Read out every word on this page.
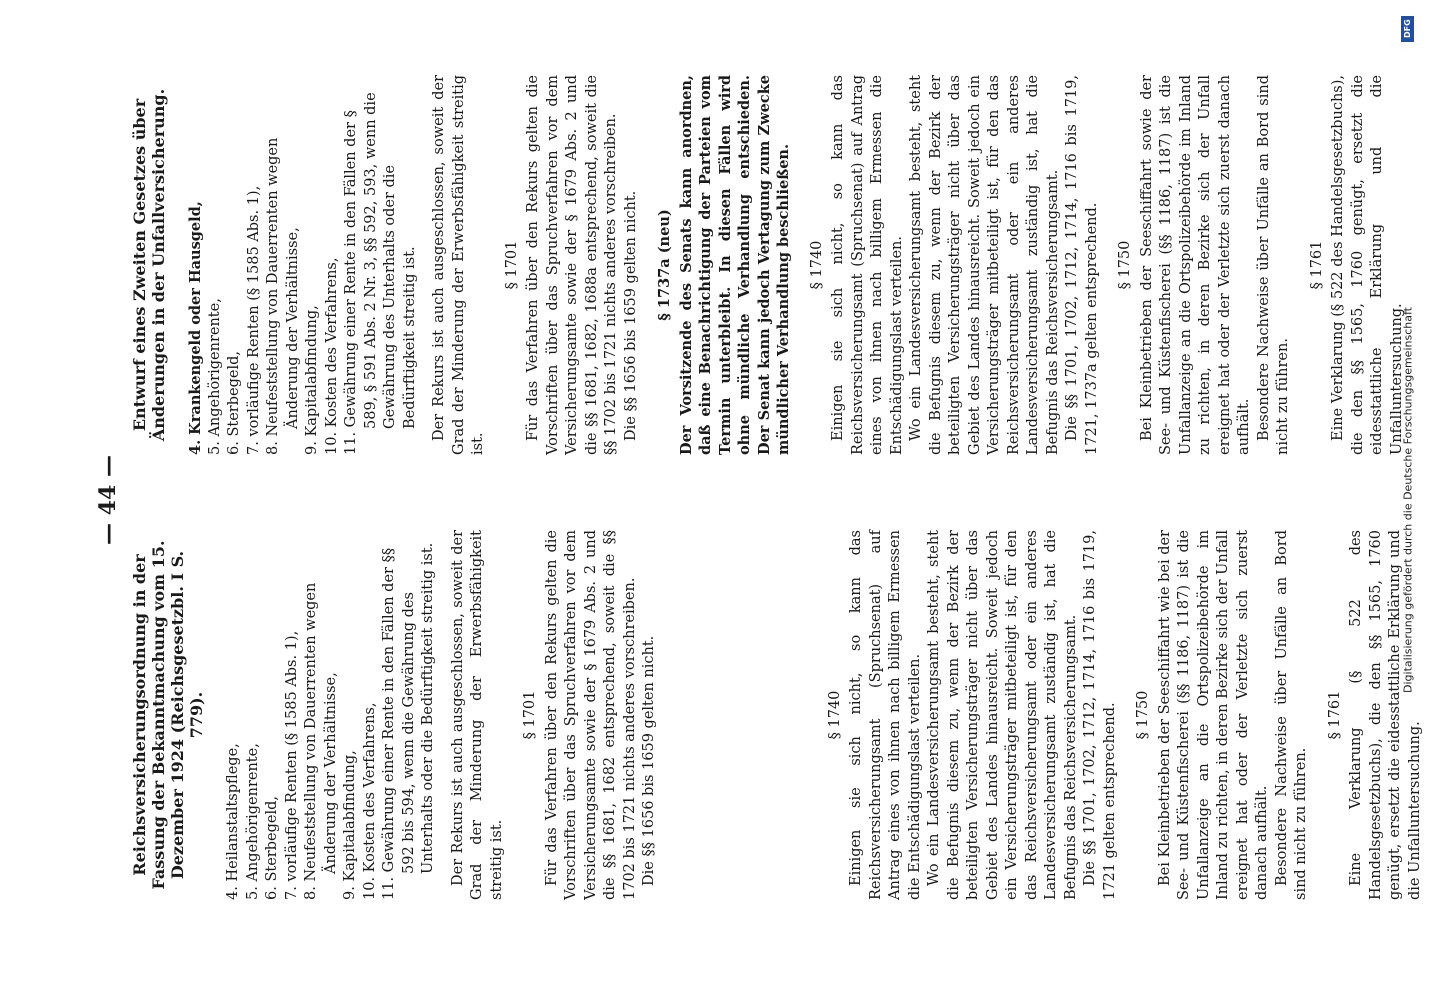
— 44 —
Reichsversicherungsordnung in der Fassung der Bekanntmachung vom 15. Dezember 1924 (Reichsgesetzbl. I S. 779).
4. Heilanstaltspflege, 5. Angehörigenrente, 6. Sterbegeld, 7. vorläufige Renten (§ 1585 Abs. 1), 8. Neufeststellung von Dauerrenten wegen Änderung der Verhältnisse, 9. Kapitalabfindung, 10. Kosten des Verfahrens, 11. Gewährung einer Rente in den Fällen der §§ 592 bis 594, wenn die Gewährung des Unterhalts oder die Bedürftigkeit streitig ist. Der Rekurs ist auch ausgeschlossen, soweit der Grad der Minderung der Erwerbsfähigkeit streitig ist.

§ 1701 Für das Verfahren über den Rekurs gelten die Vorschriften über das Spruchverfahren vor dem Versicherungsamte sowie der § 1679 Abs. 2 und die §§ 1681, 1682 entsprechend, soweit die §§ 1702 bis 1721 nichts anderes vorschreiben. Die §§ 1656 bis 1659 gelten nicht.	§ 1740 Einigen sie sich nicht, so kann das Reichsversicherungsamt (Spruchsenat) auf Antrag eines von ihnen nach billigem Ermessen die Entschädigungslast verteilen. Wo ein Landesversicherungsamt besteht, steht die Befugnis diesem zu, wenn der Bezirk der beteiligten Versicherungsträger nicht über das Gebiet des Landes hinausreicht. Soweit jedoch ein Versicherungsträger mitbeteiligt ist, für den das Reichsversicherungsamt oder ein anderes Landesversicherungsamt zuständig ist, hat die Befugnis das Reichsversicherungsamt. Die §§ 1701, 1702, 1712, 1714, 1716 bis 1719, 1721 gelten entsprechend. § 1750 Bei Kleinbetrieben der Seeschiffahrt wie bei der See- und Küstenfischerei (§§ 1186, 1187) ist die Unfallanzeige an die Ortspolizeibehörde im Inland zu richten, in deren Bezirke sich der Unfall ereignet hat oder der Verletzte sich zuerst danach aufhält. Besondere Nachweise über Unfälle an Bord sind nicht zu führen.

§ 1761 Eine Verklarung (§ 522 des Handelsgesetzbuchs), die den §§ 1565, 1760 genügt, ersetzt die eidesstattliche Erklärung und die Unfalluntersuchung.

Entwurf eines Zweiten Gesetzes über Änderungen in der Unfallversicherung. 4. Krankengeld oder Hausgeld, 5. Angehörigenrente, 6. Sterbegeld, 7. vorläufige Renten (§ 1585 Abs. 1), 8. Neufeststellung von Dauerrenten wegen Änderung der Verhältnisse, 9. Kapitalabfindung, 10. Kosten des Verfahrens, 11. Gewährung einer Rente in den Fällen der § 589, § 591 Abs. 2 Nr. 3, §§ 592, 593, wenn die Gewährung des Unterhalts oder die Bedürftigkeit streitig ist. Der Rekurs ist auch ausgeschlossen, soweit der Grad der Minderung der Erwerbsfähigkeit streitig ist.

§ 1701 Für das Verfahren über den Rekurs gelten die Vorschriften über das Spruchverfahren vor dem Versicherungsamte sowie der § 1679 Abs. 2 und die §§ 1681, 1682, 1688a entsprechend, soweit die §§ 1702 bis 1721 nichts anderes vorschreiben. Die §§ 1656 bis 1659 gelten nicht. § 1737a (neu) Der Vorsitzende des Senats kann anordnen, daß eine Benachrichtigung der Parteien vom Termin unterbleibt. In diesen Fällen wird ohne mündliche Verhandlung entschieden. Der Senat kann jedoch Vertagung zum Zwecke mündlicher Verhandlung beschließen. § 1740 Einigen sie sich nicht, so kann das Reichsversicherungsamt (Spruchsenat) auf Antrag eines von ihnen nach billigem Ermessen die Entschädigungslast verteilen. Wo ein Landesversicherungsamt besteht, steht die Befugnis diesem zu, wenn der Bezirk der beteiligten Versicherungsträger nicht über das Gebiet des Landes hinausreicht. Soweit jedoch ein Versicherungsträger mitbeteiligt ist, für den das Reichsversicherungsamt oder ein anderes Landesversicherungsamt zuständig ist, hat die Befugnis das Reichsversicherungsamt. Die §§ 1701, 1702, 1712, 1714, 1716 bis 1719, 1721, 1737a gelten entsprechend. § 1750 Bei Kleinbetrieben der Seeschiffahrt sowie der See- und Küstenfischerei (§§ 1186, 1187) ist die Unfallanzeige an die Ortspolizeibehörde im Inland zu richten, in deren Bezirke sich der Unfall ereignet hat oder der Verletzte sich zuerst danach aufhält. Besondere Nachweise über Unfälle an Bord sind nicht zu führen.

§ 1761 Eine Verklarung (§ 522 des Handelsgesetzbuchs), die den §§ 1565, 1760 genügt, ersetzt die eidesstattliche Erklärung und die Unfalluntersuchung.

DFG
Digitalisierung gefördert durch die Deutsche Forschungsgemeinschaft
